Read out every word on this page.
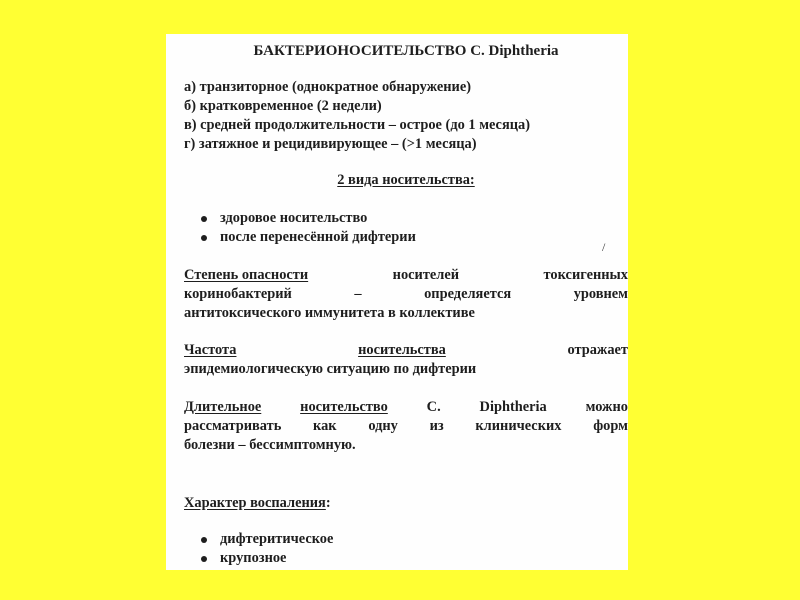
БАКТЕРИОНОСИТЕЛЬСТВО C. Diphtheria
а) транзиторное (однократное обнаружение)
б) кратковременное (2 недели)
в) средней продолжительности – острое (до 1 месяца)
г) затяжное и рецидивирующее – (>1 месяца)
2 вида носительства:
здоровое носительство
после перенесённой дифтерии
/
Степень опасности	носителей	токсигенных
коринобактерий	–	определяется	уровнем
антитоксического иммунитета в коллективе
Частота	носительства	отражает
эпидемиологическую ситуацию по дифтерии
Длительное	носительство	C.	Diphtheria	можно
рассматривать как одну из клинических форм
болезни – бессимптомную.
Характер воспаления:
дифтеритическое
крупозное
